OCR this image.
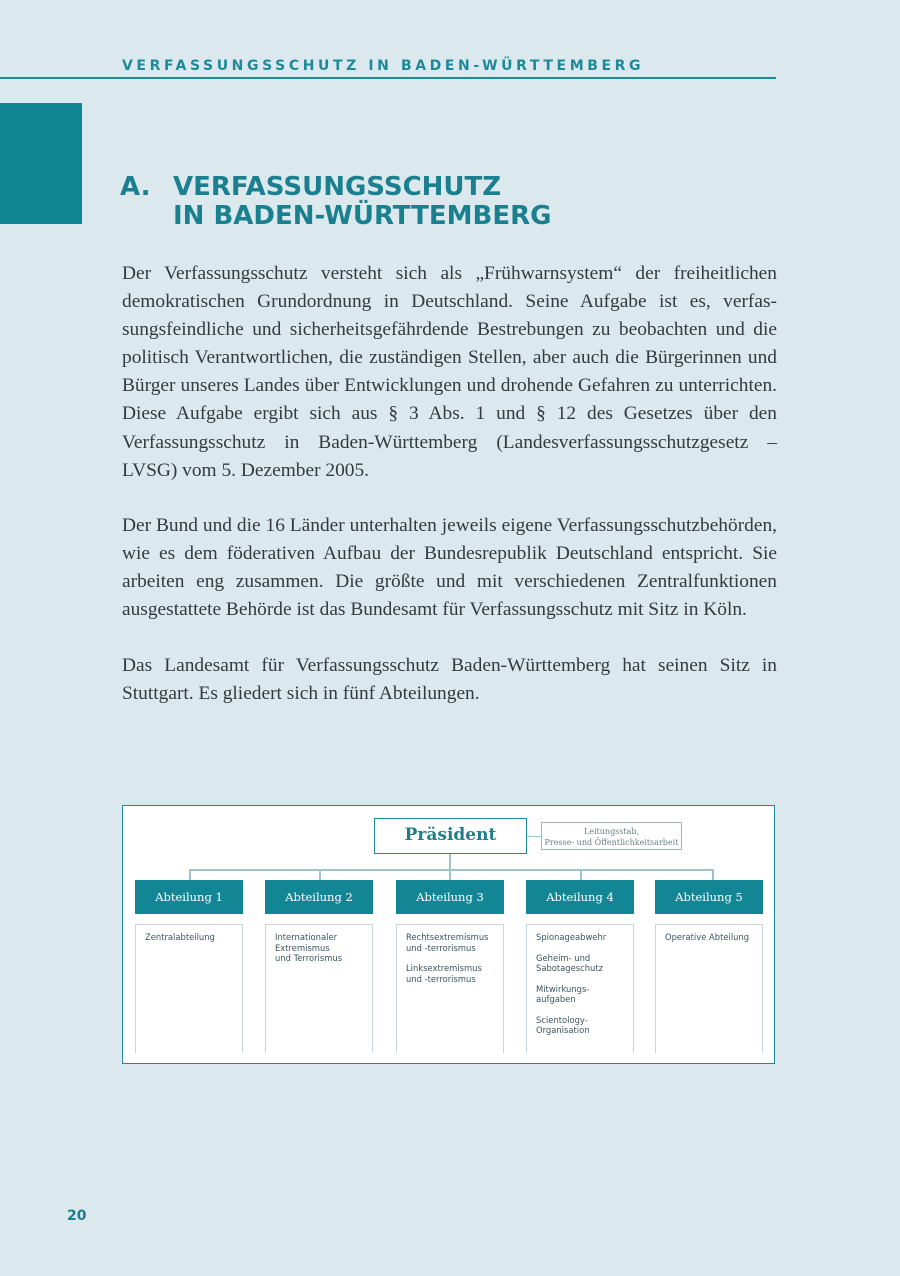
VERFASSUNGSSCHUTZ IN BADEN-WÜRTTEMBERG
A. VERFASSUNGSSCHUTZ
IN BADEN-WÜRTTEMBERG

Der Verfassungsschutz versteht sich als „Frühwarnsystem“ der freiheitlichen demokratischen Grundordnung in Deutschland. Seine Aufgabe ist es, verfassungsfeindliche und sicherheitsgefährdende Bestrebungen zu beobachten und die politisch Verantwortlichen, die zuständigen Stellen, aber auch die Bürgerinnen und Bürger unseres Landes über Entwicklungen und drohende Gefahren zu unterrichten. Diese Aufgabe ergibt sich aus § 3 Abs. 1 und § 12 des Gesetzes über den Verfassungsschutz in Baden-Württemberg (Landesverfassungsschutzgesetz – LVSG) vom 5. Dezember 2005.

Der Bund und die 16 Länder unterhalten jeweils eigene Verfassungsschutzbehörden, wie es dem föderativen Aufbau der Bundesrepublik Deutschland entspricht. Sie arbeiten eng zusammen. Die größte und mit verschiedenen Zentralfunktionen ausgestattete Behörde ist das Bundesamt für Verfassungsschutz mit Sitz in Köln.

Das Landesamt für Verfassungsschutz Baden-Württemberg hat seinen Sitz in Stuttgart. Es gliedert sich in fünf Abteilungen.

Präsident	Leitungsstab,
Presse- und Öffentlichkeitsarbeit
Abteilung 1	Abteilung 2	Abteilung 3	Abteilung 4	Abteilung 5
Zentralabteilung	Internationaler
Extremismus
und Terrorismus
Rechtsextremismus
und -terrorismus
Linksextremismus
und -terrorismus
Spionageabwehr
Geheim- und
Sabotageschutz
Mitwirkungs-
aufgaben
Scientology-
Organisation
Operative Abteilung
20
